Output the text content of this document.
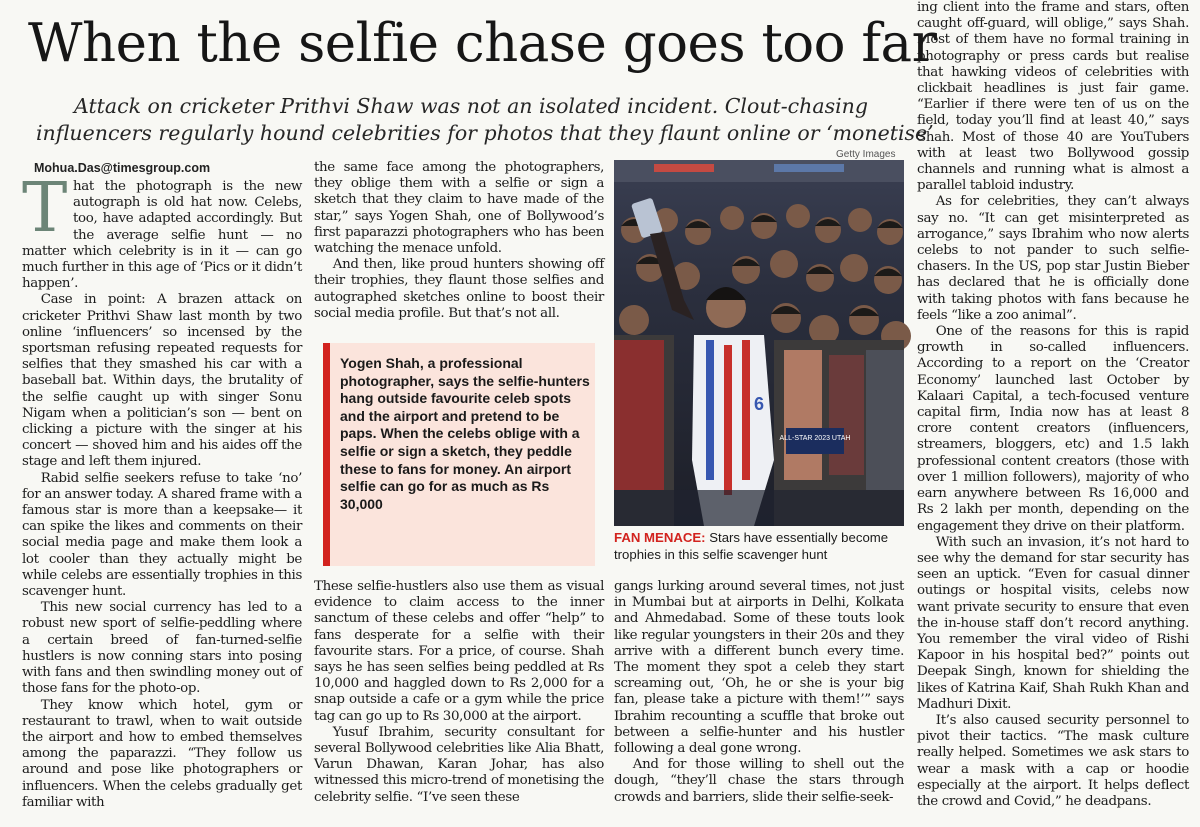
When the selfie chase goes too far
Attack on cricketer Prithvi Shaw was not an isolated incident. Clout-chasing
influencers regularly hound celebrities for photos that they flaunt online or ‘monetise’
Getty Images
Mohua.Das@timesgroup.com

That the photograph is the new autograph is old hat now. Celebs, too, have adapted accordingly. But the average selfie hunt — no matter which celebrity is in it — can go much further in this age of ‘Pics or it didn’t happen’.

Case in point: A brazen attack on cricketer Prithvi Shaw last month by two online ‘influencers’ so incensed by the sportsman refusing repeated requests for selfies that they smashed his car with a baseball bat. Within days, the brutality of the selfie caught up with singer Sonu Nigam when a politician’s son — bent on clicking a picture with the singer at his concert — shoved him and his aides off the stage and left them injured.

Rabid selfie seekers refuse to take ‘no’ for an answer today. A shared frame with a famous star is more than a keepsake— it can spike the likes and comments on their social media page and make them look a lot cooler than they actually might be while celebs are essentially trophies in this scavenger hunt.

This new social currency has led to a robust new sport of selfie-peddling where a certain breed of fan-turned-selfie hustlers is now conning stars into posing with fans and then swindling money out of those fans for the photo-op.

They know which hotel, gym or restaurant to trawl, when to wait outside the airport and how to embed themselves among the paparazzi. “They follow us around and pose like photographers or influencers. When the celebs gradually get familiar with

the same face among the photographers, they oblige them with a selfie or sign a sketch that they claim to have made of the star,” says Yogen Shah, one of Bollywood’s first paparazzi photographers who has been watching the menace unfold.

And then, like proud hunters showing off their trophies, they flaunt those selfies and autographed sketches online to boost their social media profile. But that’s not all.

Yogen Shah, a professional photographer, says the selfie-hunters hang outside favourite celeb spots and the airport and pretend to be paps. When the celebs oblige with a selfie or sign a sketch, they peddle these to fans for money. An airport selfie can go for as much as Rs 30,000
6
ALL-STAR 2023 UTAH
FAN MENACE: Stars have essentially become trophies in this selfie scavenger hunt

These selfie-hustlers also use them as visual evidence to claim access to the inner sanctum of these celebs and offer “help” to fans desperate for a selfie with their favourite stars. For a price, of course. Shah says he has seen selfies being peddled at Rs 10,000 and haggled down to Rs 2,000 for a snap outside a cafe or a gym while the price tag can go up to Rs 30,000 at the airport.

Yusuf Ibrahim, security consultant for several Bollywood celebrities like Alia Bhatt, Varun Dhawan, Karan Johar, has also witnessed this micro-trend of monetising the celebrity selfie. “I’ve seen these

gangs lurking around several times, not just in Mumbai but at airports in Delhi, Kolkata and Ahmedabad. Some of these touts look like regular youngsters in their 20s and they arrive with a different bunch every time. The moment they spot a celeb they start screaming out, ‘Oh, he or she is your big fan, please take a picture with them!’” says Ibrahim recounting a scuffle that broke out between a selfie-hunter and his hustler following a deal gone wrong.

And for those willing to shell out the dough, “they’ll chase the stars through crowds and barriers, slide their selfie-seek-

ing client into the frame and stars, often caught off-guard, will oblige,” says Shah. Most of them have no formal training in photography or press cards but realise that hawking videos of celebrities with clickbait headlines is just fair game. “Earlier if there were ten of us on the field, today you’ll find at least 40,” says Shah. Most of those 40 are YouTubers with at least two Bollywood gossip channels and running what is almost a parallel tabloid industry.

As for celebrities, they can’t always say no. “It can get misinterpreted as arrogance,” says Ibrahim who now alerts celebs to not pander to such selfie-chasers. In the US, pop star Justin Bieber has declared that he is officially done with taking photos with fans because he feels “like a zoo animal”.

One of the reasons for this is rapid growth in so-called influencers. According to a report on the ‘Creator Economy’ launched last October by Kalaari Capital, a tech-focused venture capital firm, India now has at least 8 crore content creators (influencers, streamers, bloggers, etc) and 1.5 lakh professional content creators (those with over 1 million followers), majority of who earn anywhere between Rs 16,000 and Rs 2 lakh per month, depending on the engagement they drive on their platform.

With such an invasion, it’s not hard to see why the demand for star security has seen an uptick. “Even for casual dinner outings or hospital visits, celebs now want private security to ensure that even the in-house staff don’t record anything. You remember the viral video of Rishi Kapoor in his hospital bed?” points out Deepak Singh, known for shielding the likes of Katrina Kaif, Shah Rukh Khan and Madhuri Dixit.

It’s also caused security personnel to pivot their tactics. “The mask culture really helped. Sometimes we ask stars to wear a mask with a cap or hoodie especially at the airport. It helps deflect the crowd and Covid,” he deadpans.
